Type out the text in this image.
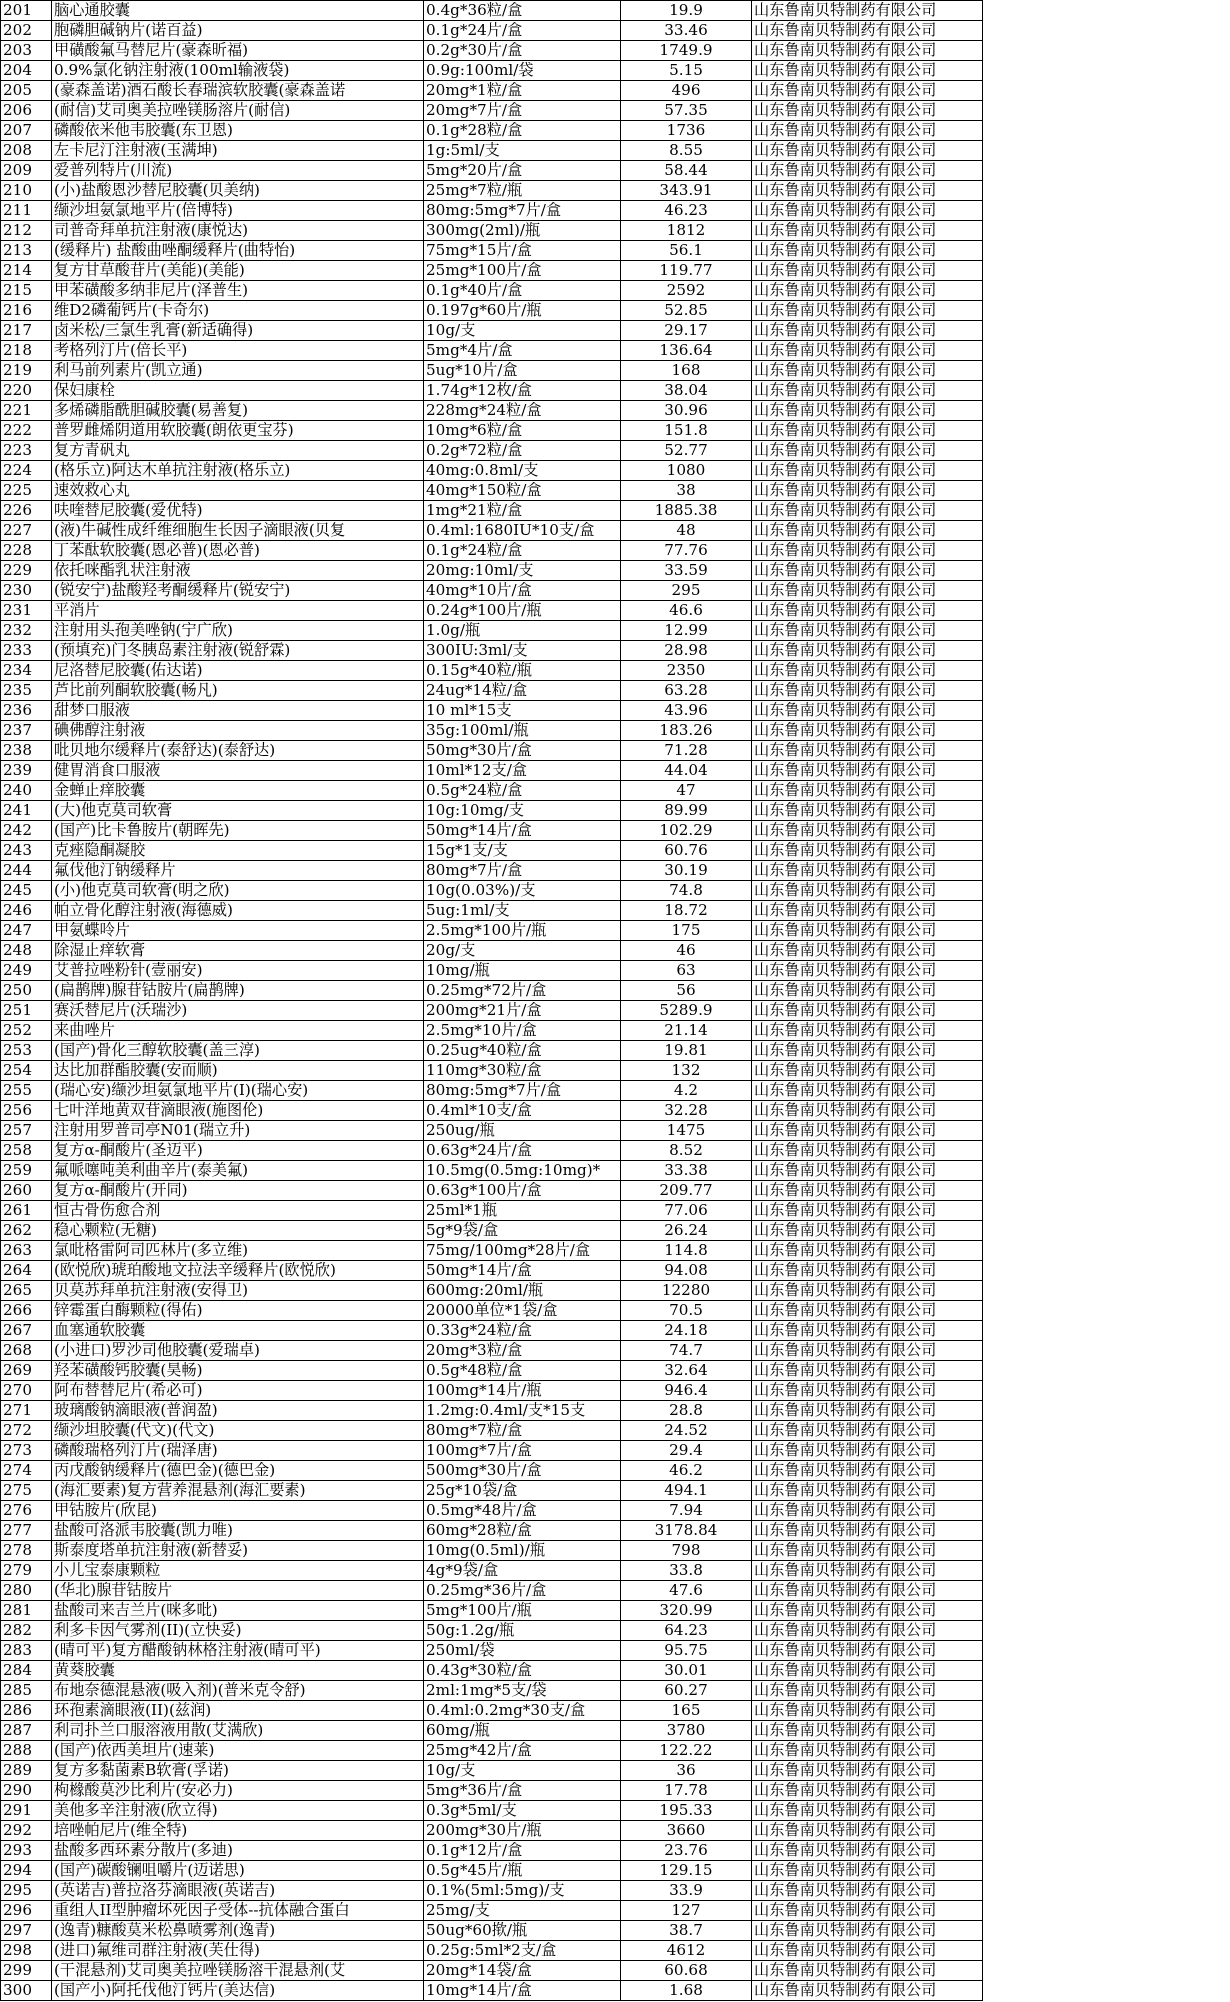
201	脑心通胶囊	0.4g*36粒/盒	19.9	山东鲁南贝特制药有限公司
202	胞磷胆碱钠片(诺百益)	0.1g*24片/盒	33.46	山东鲁南贝特制药有限公司
203	甲磺酸氟马替尼片(豪森昕福)	0.2g*30片/盒	1749.9	山东鲁南贝特制药有限公司
204	0.9%氯化钠注射液(100ml输液袋)	0.9g:100ml/袋	5.15	山东鲁南贝特制药有限公司
205	(豪森盖诺)酒石酸长春瑞滨软胶囊(豪森盖诺	20mg*1粒/盒	496	山东鲁南贝特制药有限公司
206	(耐信)艾司奥美拉唑镁肠溶片(耐信)	20mg*7片/盒	57.35	山东鲁南贝特制药有限公司
207	磷酸依米他韦胶囊(东卫恩)	0.1g*28粒/盒	1736	山东鲁南贝特制药有限公司
208	左卡尼汀注射液(玉满坤)	1g:5ml/支	8.55	山东鲁南贝特制药有限公司
209	爱普列特片(川流)	5mg*20片/盒	58.44	山东鲁南贝特制药有限公司
210	(小)盐酸恩沙替尼胶囊(贝美纳)	25mg*7粒/瓶	343.91	山东鲁南贝特制药有限公司
211	缬沙坦氨氯地平片(倍博特)	80mg:5mg*7片/盒	46.23	山东鲁南贝特制药有限公司
212	司普奇拜单抗注射液(康悦达)	300mg(2ml)/瓶	1812	山东鲁南贝特制药有限公司
213	(缓释片) 盐酸曲唑酮缓释片(曲特怡)	75mg*15片/盒	56.1	山东鲁南贝特制药有限公司
214	复方甘草酸苷片(美能)(美能)	25mg*100片/盒	119.77	山东鲁南贝特制药有限公司
215	甲苯磺酸多纳非尼片(泽普生)	0.1g*40片/盒	2592	山东鲁南贝特制药有限公司
216	维D2磷葡钙片(卡奇尔)	0.197g*60片/瓶	52.85	山东鲁南贝特制药有限公司
217	卤米松/三氯生乳膏(新适确得)	10g/支	29.17	山东鲁南贝特制药有限公司
218	考格列汀片(倍长平)	5mg*4片/盒	136.64	山东鲁南贝特制药有限公司
219	利马前列素片(凯立通)	5ug*10片/盒	168	山东鲁南贝特制药有限公司
220	保妇康栓	1.74g*12枚/盒	38.04	山东鲁南贝特制药有限公司
221	多烯磷脂酰胆碱胶囊(易善复)	228mg*24粒/盒	30.96	山东鲁南贝特制药有限公司
222	普罗雌烯阴道用软胶囊(朗依更宝芬)	10mg*6粒/盒	151.8	山东鲁南贝特制药有限公司
223	复方青矾丸	0.2g*72粒/盒	52.77	山东鲁南贝特制药有限公司
224	(格乐立)阿达木单抗注射液(格乐立)	40mg:0.8ml/支	1080	山东鲁南贝特制药有限公司
225	速效救心丸	40mg*150粒/盒	38	山东鲁南贝特制药有限公司
226	呋喹替尼胶囊(爱优特)	1mg*21粒/盒	1885.38	山东鲁南贝特制药有限公司
227	(液)牛碱性成纤维细胞生长因子滴眼液(贝复	0.4ml:1680IU*10支/盒	48	山东鲁南贝特制药有限公司
228	丁苯酞软胶囊(恩必普)(恩必普)	0.1g*24粒/盒	77.76	山东鲁南贝特制药有限公司
229	依托咪酯乳状注射液	20mg:10ml/支	33.59	山东鲁南贝特制药有限公司
230	(锐安宁)盐酸羟考酮缓释片(锐安宁)	40mg*10片/盒	295	山东鲁南贝特制药有限公司
231	平消片	0.24g*100片/瓶	46.6	山东鲁南贝特制药有限公司
232	注射用头孢美唑钠(宁广欣)	1.0g/瓶	12.99	山东鲁南贝特制药有限公司
233	(预填充)门冬胰岛素注射液(锐舒霖)	300IU:3ml/支	28.98	山东鲁南贝特制药有限公司
234	尼洛替尼胶囊(佑达诺)	0.15g*40粒/瓶	2350	山东鲁南贝特制药有限公司
235	芦比前列酮软胶囊(畅凡)	24ug*14粒/盒	63.28	山东鲁南贝特制药有限公司
236	甜梦口服液	10 ml*15支	43.96	山东鲁南贝特制药有限公司
237	碘佛醇注射液	35g:100ml/瓶	183.26	山东鲁南贝特制药有限公司
238	吡贝地尔缓释片(泰舒达)(泰舒达)	50mg*30片/盒	71.28	山东鲁南贝特制药有限公司
239	健胃消食口服液	10ml*12支/盒	44.04	山东鲁南贝特制药有限公司
240	金蝉止痒胶囊	0.5g*24粒/盒	47	山东鲁南贝特制药有限公司
241	(大)他克莫司软膏	10g:10mg/支	89.99	山东鲁南贝特制药有限公司
242	(国产)比卡鲁胺片(朝晖先)	50mg*14片/盒	102.29	山东鲁南贝特制药有限公司
243	克痤隐酮凝胶	15g*1支/支	60.76	山东鲁南贝特制药有限公司
244	氟伐他汀钠缓释片	80mg*7片/盒	30.19	山东鲁南贝特制药有限公司
245	(小)他克莫司软膏(明之欣)	10g(0.03%)/支	74.8	山东鲁南贝特制药有限公司
246	帕立骨化醇注射液(海德威)	5ug:1ml/支	18.72	山东鲁南贝特制药有限公司
247	甲氨蝶呤片	2.5mg*100片/瓶	175	山东鲁南贝特制药有限公司
248	除湿止痒软膏	20g/支	46	山东鲁南贝特制药有限公司
249	艾普拉唑粉针(壹丽安)	10mg/瓶	63	山东鲁南贝特制药有限公司
250	(扁鹊牌)腺苷钴胺片(扁鹊牌)	0.25mg*72片/盒	56	山东鲁南贝特制药有限公司
251	赛沃替尼片(沃瑞沙)	200mg*21片/盒	5289.9	山东鲁南贝特制药有限公司
252	来曲唑片	2.5mg*10片/盒	21.14	山东鲁南贝特制药有限公司
253	(国产)骨化三醇软胶囊(盖三淳)	0.25ug*40粒/盒	19.81	山东鲁南贝特制药有限公司
254	达比加群酯胶囊(安而顺)	110mg*30粒/盒	132	山东鲁南贝特制药有限公司
255	(瑞心安)缬沙坦氨氯地平片(I)(瑞心安)	80mg:5mg*7片/盒	4.2	山东鲁南贝特制药有限公司
256	七叶洋地黄双苷滴眼液(施图伦)	0.4ml*10支/盒	32.28	山东鲁南贝特制药有限公司
257	注射用罗普司亭N01(瑞立升)	250ug/瓶	1475	山东鲁南贝特制药有限公司
258	复方α-酮酸片(圣迈平)	0.63g*24片/盒	8.52	山东鲁南贝特制药有限公司
259	氟哌噻吨美利曲辛片(泰美氟)	10.5mg(0.5mg:10mg)*	33.38	山东鲁南贝特制药有限公司
260	复方α-酮酸片(开同)	0.63g*100片/盒	209.77	山东鲁南贝特制药有限公司
261	恒古骨伤愈合剂	25ml*1瓶	77.06	山东鲁南贝特制药有限公司
262	稳心颗粒(无糖)	5g*9袋/盒	26.24	山东鲁南贝特制药有限公司
263	氯吡格雷阿司匹林片(多立维)	75mg/100mg*28片/盒	114.8	山东鲁南贝特制药有限公司
264	(欧悦欣)琥珀酸地文拉法辛缓释片(欧悦欣)	50mg*14片/盒	94.08	山东鲁南贝特制药有限公司
265	贝莫苏拜单抗注射液(安得卫)	600mg:20ml/瓶	12280	山东鲁南贝特制药有限公司
266	锌霉蛋白酶颗粒(得佑)	20000单位*1袋/盒	70.5	山东鲁南贝特制药有限公司
267	血塞通软胶囊	0.33g*24粒/盒	24.18	山东鲁南贝特制药有限公司
268	(小进口)罗沙司他胶囊(爱瑞卓)	20mg*3粒/盒	74.7	山东鲁南贝特制药有限公司
269	羟苯磺酸钙胶囊(昊畅)	0.5g*48粒/盒	32.64	山东鲁南贝特制药有限公司
270	阿布替替尼片(希必可)	100mg*14片/瓶	946.4	山东鲁南贝特制药有限公司
271	玻璃酸钠滴眼液(普润盈)	1.2mg:0.4ml/支*15支	28.8	山东鲁南贝特制药有限公司
272	缬沙坦胶囊(代文)(代文)	80mg*7粒/盒	24.52	山东鲁南贝特制药有限公司
273	磷酸瑞格列汀片(瑞泽唐)	100mg*7片/盒	29.4	山东鲁南贝特制药有限公司
274	丙戊酸钠缓释片(德巴金)(德巴金)	500mg*30片/盒	46.2	山东鲁南贝特制药有限公司
275	(海汇要素)复方营养混悬剂(海汇要素)	25g*10袋/盒	494.1	山东鲁南贝特制药有限公司
276	甲钴胺片(欣昆)	0.5mg*48片/盒	7.94	山东鲁南贝特制药有限公司
277	盐酸可洛派韦胶囊(凯力唯)	60mg*28粒/盒	3178.84	山东鲁南贝特制药有限公司
278	斯泰度塔单抗注射液(新替妥)	10mg(0.5ml)/瓶	798	山东鲁南贝特制药有限公司
279	小儿宝泰康颗粒	4g*9袋/盒	33.8	山东鲁南贝特制药有限公司
280	(华北)腺苷钴胺片	0.25mg*36片/盒	47.6	山东鲁南贝特制药有限公司
281	盐酸司来吉兰片(咪多吡)	5mg*100片/瓶	320.99	山东鲁南贝特制药有限公司
282	利多卡因气雾剂(II)(立快妥)	50g:1.2g/瓶	64.23	山东鲁南贝特制药有限公司
283	(晴可平)复方醋酸钠林格注射液(晴可平)	250ml/袋	95.75	山东鲁南贝特制药有限公司
284	黄葵胶囊	0.43g*30粒/盒	30.01	山东鲁南贝特制药有限公司
285	布地奈德混悬液(吸入剂)(普米克令舒)	2ml:1mg*5支/袋	60.27	山东鲁南贝特制药有限公司
286	环孢素滴眼液(II)(兹润)	0.4ml:0.2mg*30支/盒	165	山东鲁南贝特制药有限公司
287	利司扑兰口服溶液用散(艾满欣)	60mg/瓶	3780	山东鲁南贝特制药有限公司
288	(国产)依西美坦片(速莱)	25mg*42片/盒	122.22	山东鲁南贝特制药有限公司
289	复方多黏菌素B软膏(孚诺)	10g/支	36	山东鲁南贝特制药有限公司
290	枸橼酸莫沙比利片(安必力)	5mg*36片/盒	17.78	山东鲁南贝特制药有限公司
291	美他多辛注射液(欣立得)	0.3g*5ml/支	195.33	山东鲁南贝特制药有限公司
292	培唑帕尼片(维全特)	200mg*30片/瓶	3660	山东鲁南贝特制药有限公司
293	盐酸多西环素分散片(多迪)	0.1g*12片/盒	23.76	山东鲁南贝特制药有限公司
294	(国产)碳酸镧咀嚼片(迈诺思)	0.5g*45片/瓶	129.15	山东鲁南贝特制药有限公司
295	(英诺吉)普拉洛芬滴眼液(英诺吉)	0.1%(5ml:5mg)/支	33.9	山东鲁南贝特制药有限公司
296	重组人II型肿瘤坏死因子受体--抗体融合蛋白	25mg/支	127	山东鲁南贝特制药有限公司
297	(逸青)糠酸莫米松鼻喷雾剂(逸青)	50ug*60揿/瓶	38.7	山东鲁南贝特制药有限公司
298	(进口)氟维司群注射液(芙仕得)	0.25g:5ml*2支/盒	4612	山东鲁南贝特制药有限公司
299	(干混悬剂)艾司奥美拉唑镁肠溶干混悬剂(艾	20mg*14袋/盒	60.68	山东鲁南贝特制药有限公司
300	(国产小)阿托伐他汀钙片(美达信)	10mg*14片/盒	1.68	山东鲁南贝特制药有限公司
